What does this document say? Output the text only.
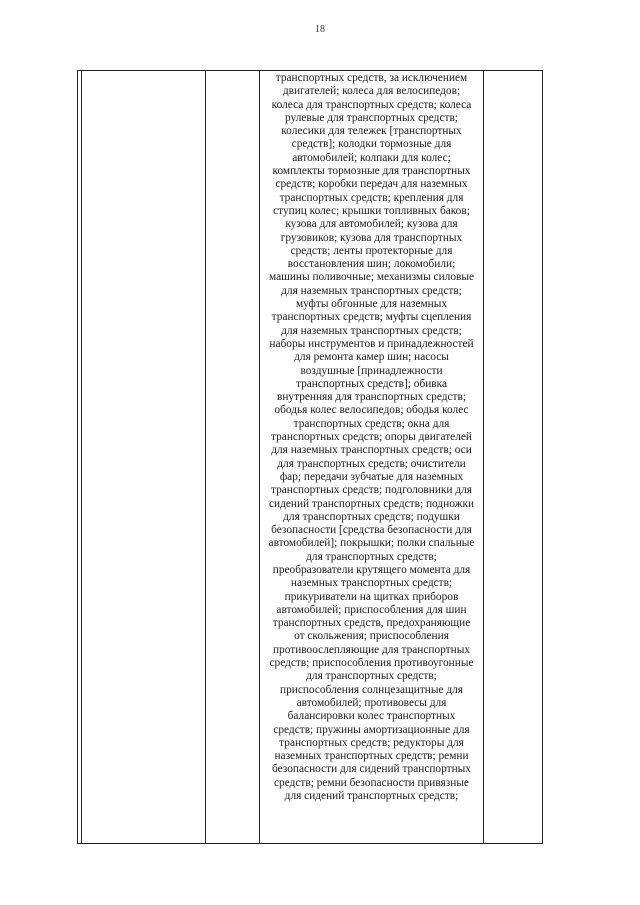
18

транспортных средств, за исключением
двигателей; колеса для велосипедов;
колеса для транспортных средств; колеса
рулевые для транспортных средств;
колесики для тележек [транспортных
средств]; колодки тормозные для
автомобилей; колпаки для колес;
комплекты тормозные для транспортных
средств; коробки передач для наземных
транспортных средств; крепления для
ступиц колес; крышки топливных баков;
кузова для автомобилей; кузова для
грузовиков; кузова для транспортных
средств; ленты протекторные для
восстановления шин; локомобили;
машины поливочные; механизмы силовые
для наземных транспортных средств;
муфты обгонные для наземных
транспортных средств; муфты сцепления
для наземных транспортных средств;
наборы инструментов и принадлежностей
для ремонта камер шин; насосы
воздушные [принадлежности
транспортных средств]; обивка
внутренняя для транспортных средств;
ободья колес велосипедов; ободья колес
транспортных средств; окна для
транспортных средств; опоры двигателей
для наземных транспортных средств; оси
для транспортных средств; очистители
фар; передачи зубчатые для наземных
транспортных средств; подголовники для
сидений транспортных средств; подножки
для транспортных средств; подушки
безопасности [средства безопасности для
автомобилей]; покрышки; полки спальные
для транспортных средств;
преобразователи крутящего момента для
наземных транспортных средств;
прикуриватели на щитках приборов
автомобилей; приспособления для шин
транспортных средств, предохраняющие
от скольжения; приспособления
противоослепляющие для транспортных
средств; приспособления противоугонные
для транспортных средств;
приспособления солнцезащитные для
автомобилей; противовесы для
балансировки колес транспортных
средств; пружины амортизационные для
транспортных средств; редукторы для
наземных транспортных средств; ремни
безопасности для сидений транспортных
средств; ремни безопасности привязные
для сидений транспортных средств;
